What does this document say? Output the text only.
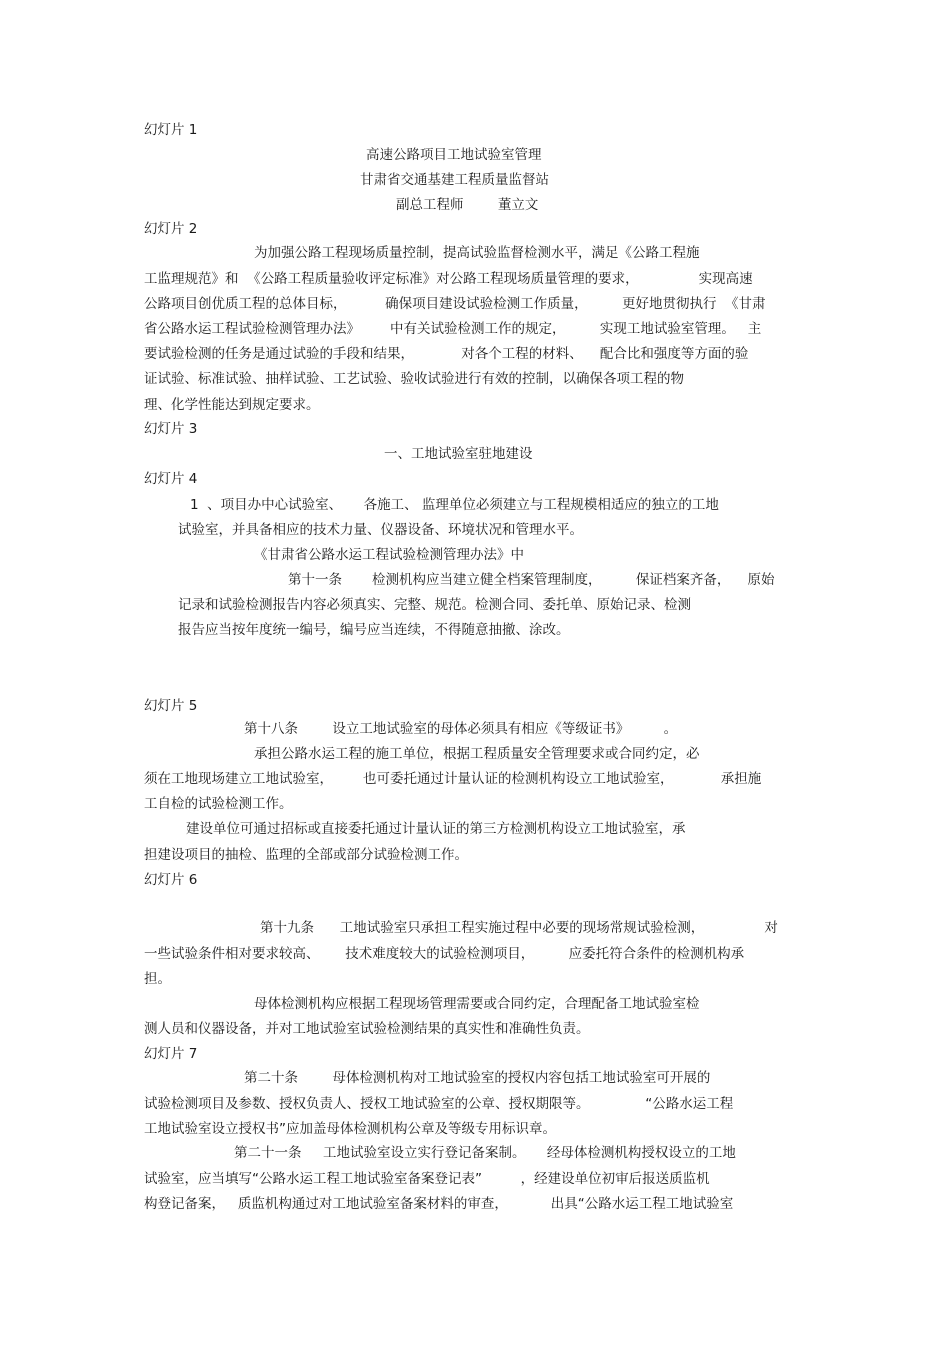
幻灯片 1
高速公路项目工地试验室管理
甘肃省交通基建工程质量监督站
副总工程师        董立文
幻灯片 2
为加强公路工程现场质量控制，提高试验监督检测水平，满足《公路工程施
工监理规范》和  《公路工程质量验收评定标准》对公路工程现场质量管理的要求，              实现高速
公路项目创优质工程的总体目标，         确保项目建设试验检测工作质量，        更好地贯彻执行  《甘肃
省公路水运工程试验检测管理办法》       中有关试验检测工作的规定，        实现工地试验室管理。   主
要试验检测的任务是通过试验的手段和结果，           对各个工程的材料、    配合比和强度等方面的验
证试验、标准试验、抽样试验、工艺试验、验收试验进行有效的控制，以确保各项工程的物
理、化学性能达到规定要求。
幻灯片 3
一、工地试验室驻地建设
幻灯片 4
1  、项目办中心试验室、     各施工、 监理单位必须建立与工程规模相适应的独立的工地
试验室，并具备相应的技术力量、仪器设备、环境状况和管理水平。
《甘肃省公路水运工程试验检测管理办法》中
第十一条       检测机构应当建立健全档案管理制度，        保证档案齐备，    原始
记录和试验检测报告内容必须真实、完整、规范。检测合同、委托单、原始记录、检测
报告应当按年度统一编号，编号应当连续，不得随意抽撤、涂改。
幻灯片 5
第十八条        设立工地试验室的母体必须具有相应《等级证书》        。
承担公路水运工程的施工单位，根据工程质量安全管理要求或合同约定，必
须在工地现场建立工地试验室，       也可委托通过计量认证的检测机构设立工地试验室，           承担施
工自检的试验检测工作。
建设单位可通过招标或直接委托通过计量认证的第三方检测机构设立工地试验室，承
担建设项目的抽检、监理的全部或部分试验检测工作。
幻灯片 6
第十九条      工地试验室只承担工程实施过程中必要的现场常规试验检测，              对
一些试验条件相对要求较高、      技术难度较大的试验检测项目，        应委托符合条件的检测机构承
担。
母体检测机构应根据工程现场管理需要或合同约定，合理配备工地试验室检
测人员和仪器设备，并对工地试验室试验检测结果的真实性和准确性负责。
幻灯片 7
第二十条        母体检测机构对工地试验室的授权内容包括工地试验室可开展的
试验检测项目及参数、授权负责人、授权工地试验室的公章、授权期限等。             “公路水运工程
工地试验室设立授权书”应加盖母体检测机构公章及等级专用标识章。
第二十一条     工地试验室设立实行登记备案制。     经母体检测机构授权设立的工地
试验室，应当填写“公路水运工程工地试验室备案登记表”         ，经建设单位初审后报送质监机
构登记备案，   质监机构通过对工地试验室备案材料的审查，          出具“公路水运工程工地试验室
